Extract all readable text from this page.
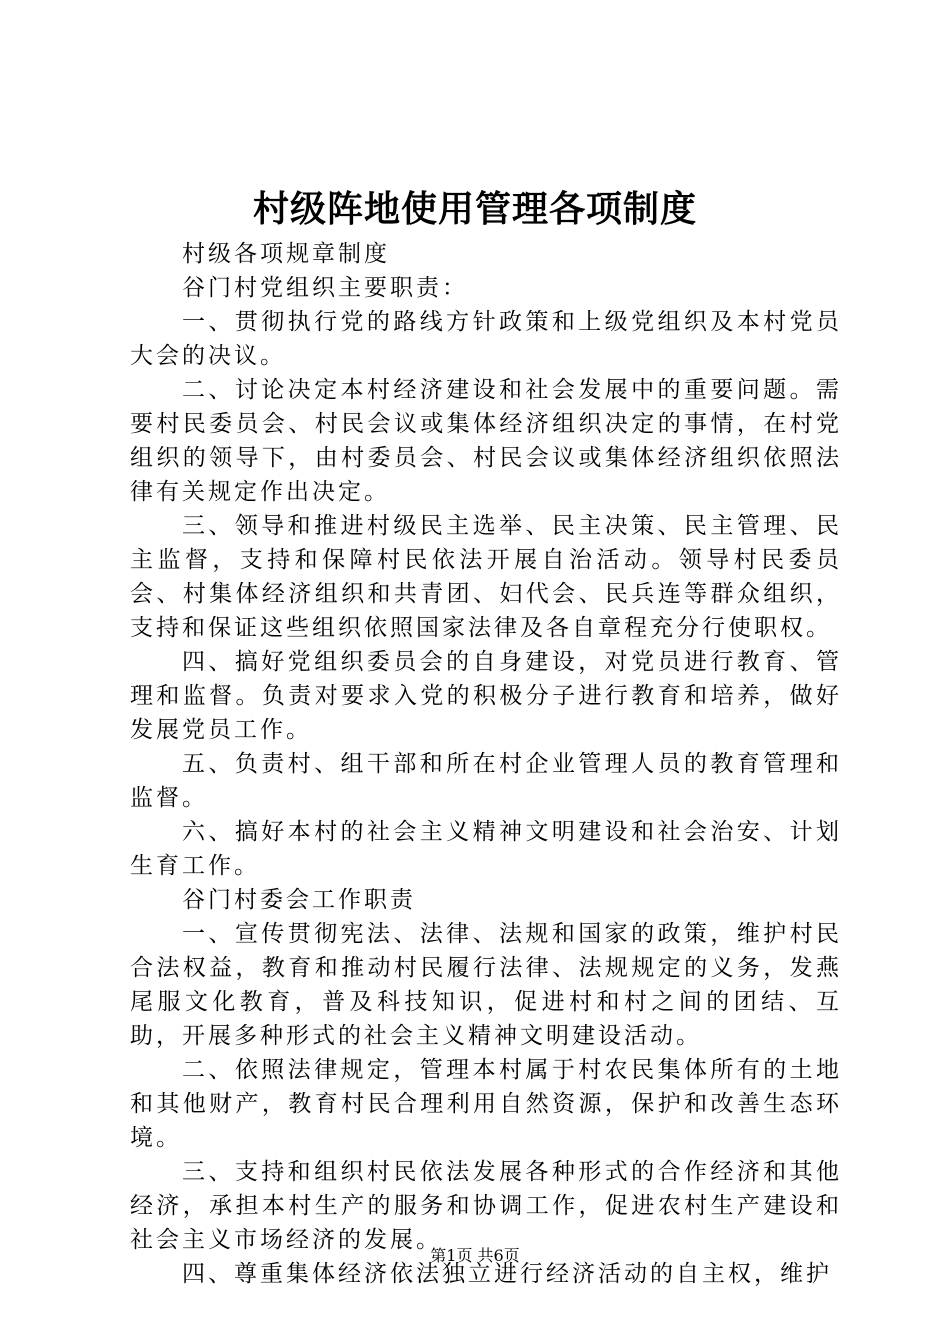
村级阵地使用管理各项制度

村级各项规章制度

谷门村党组织主要职责：

一、贯彻执行党的路线方针政策和上级党组织及本村党员大会的决议。

二、讨论决定本村经济建设和社会发展中的重要问题。需要村民委员会、村民会议或集体经济组织决定的事情，在村党组织的领导下，由村委员会、村民会议或集体经济组织依照法律有关规定作出决定。

三、领导和推进村级民主选举、民主决策、民主管理、民主监督，支持和保障村民依法开展自治活动。领导村民委员会、村集体经济组织和共青团、妇代会、民兵连等群众组织，支持和保证这些组织依照国家法律及各自章程充分行使职权。

四、搞好党组织委员会的自身建设，对党员进行教育、管理和监督。负责对要求入党的积极分子进行教育和培养，做好发展党员工作。

五、负责村、组干部和所在村企业管理人员的教育管理和监督。

六、搞好本村的社会主义精神文明建设和社会治安、计划生育工作。

谷门村委会工作职责

一、宣传贯彻宪法、法律、法规和国家的政策，维护村民合法权益，教育和推动村民履行法律、法规规定的义务，发燕尾服文化教育，普及科技知识，促进村和村之间的团结、互助，开展多种形式的社会主义精神文明建设活动。

二、依照法律规定，管理本村属于村农民集体所有的土地和其他财产，教育村民合理利用自然资源，保护和改善生态环境。

三、支持和组织村民依法发展各种形式的合作经济和其他经济，承担本村生产的服务和协调工作，促进农村生产建设和社会主义市场经济的发展。

四、尊重集体经济依法独立进行经济活动的自主权，维护

第1页 共6页
